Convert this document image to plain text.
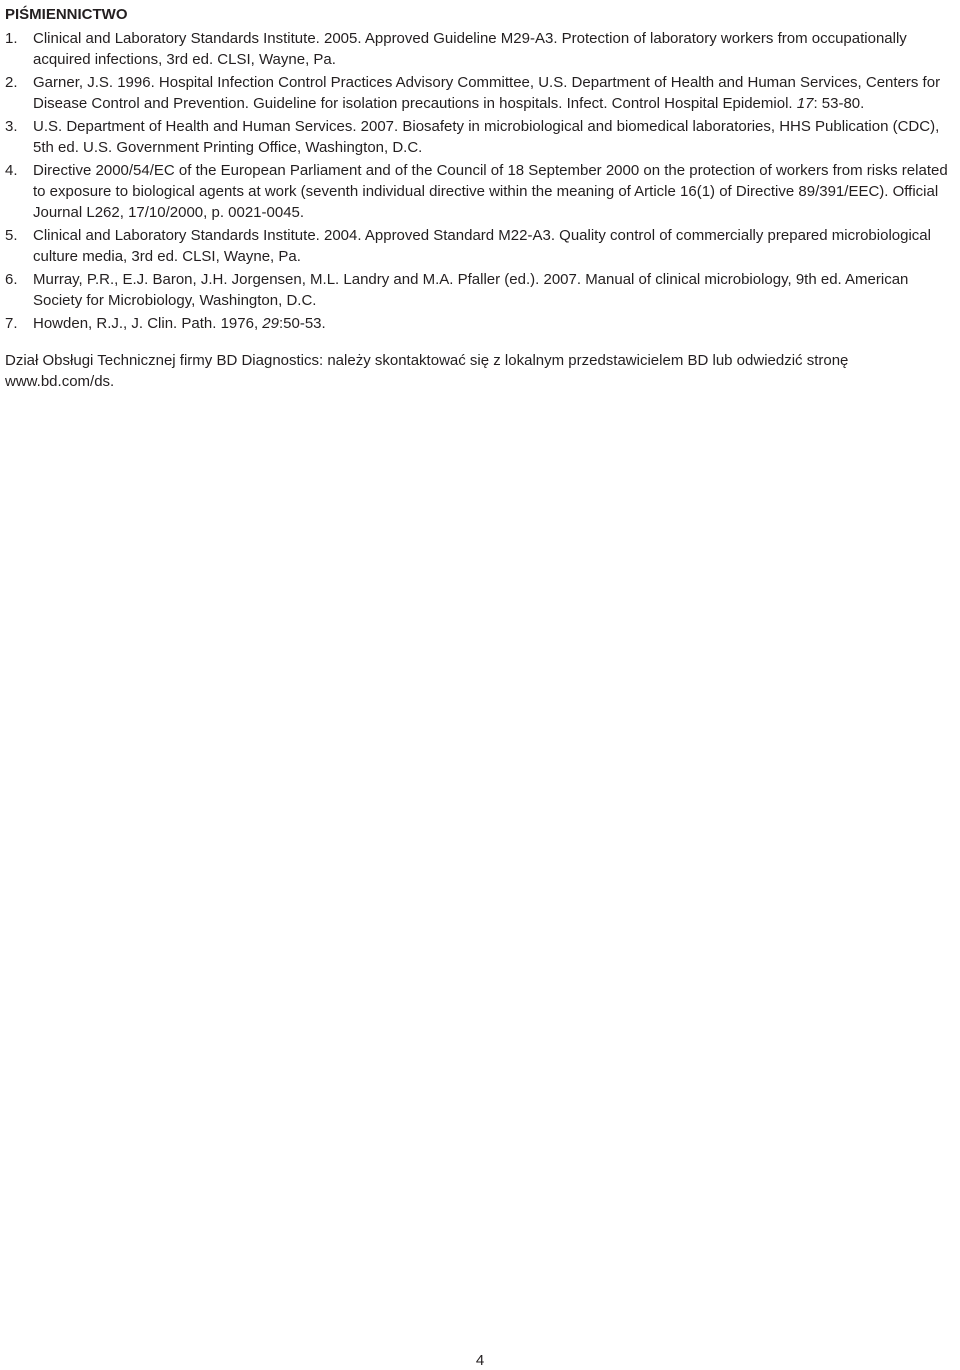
PIŚMIENNICTWO
1.	Clinical and Laboratory Standards Institute. 2005. Approved Guideline M29-A3. Protection of laboratory workers from occupationally acquired infections, 3rd ed. CLSI, Wayne, Pa.
2.	Garner, J.S. 1996. Hospital Infection Control Practices Advisory Committee, U.S. Department of Health and Human Services, Centers for Disease Control and Prevention. Guideline for isolation precautions in hospitals. Infect. Control Hospital Epidemiol. 17: 53-80.
3.	U.S. Department of Health and Human Services. 2007. Biosafety in microbiological and biomedical laboratories, HHS Publication (CDC), 5th ed. U.S. Government Printing Office, Washington, D.C.
4.	Directive 2000/54/EC of the European Parliament and of the Council of 18 September 2000 on the protection of workers from risks related to exposure to biological agents at work (seventh individual directive within the meaning of Article 16(1) of Directive 89/391/EEC). Official Journal L262, 17/10/2000, p. 0021-0045.
5.	Clinical and Laboratory Standards Institute. 2004. Approved Standard M22-A3. Quality control of commercially prepared microbiological culture media, 3rd ed. CLSI, Wayne, Pa.
6.	Murray, P.R., E.J. Baron, J.H. Jorgensen, M.L. Landry and M.A. Pfaller (ed.). 2007. Manual of clinical microbiology, 9th ed. American Society for Microbiology, Washington, D.C.
7.	Howden, R.J., J. Clin. Path. 1976, 29:50-53.

Dział Obsługi Technicznej firmy BD Diagnostics: należy skontaktować się z lokalnym przedstawicielem BD lub odwiedzić stronę www.bd.com/ds.

4
